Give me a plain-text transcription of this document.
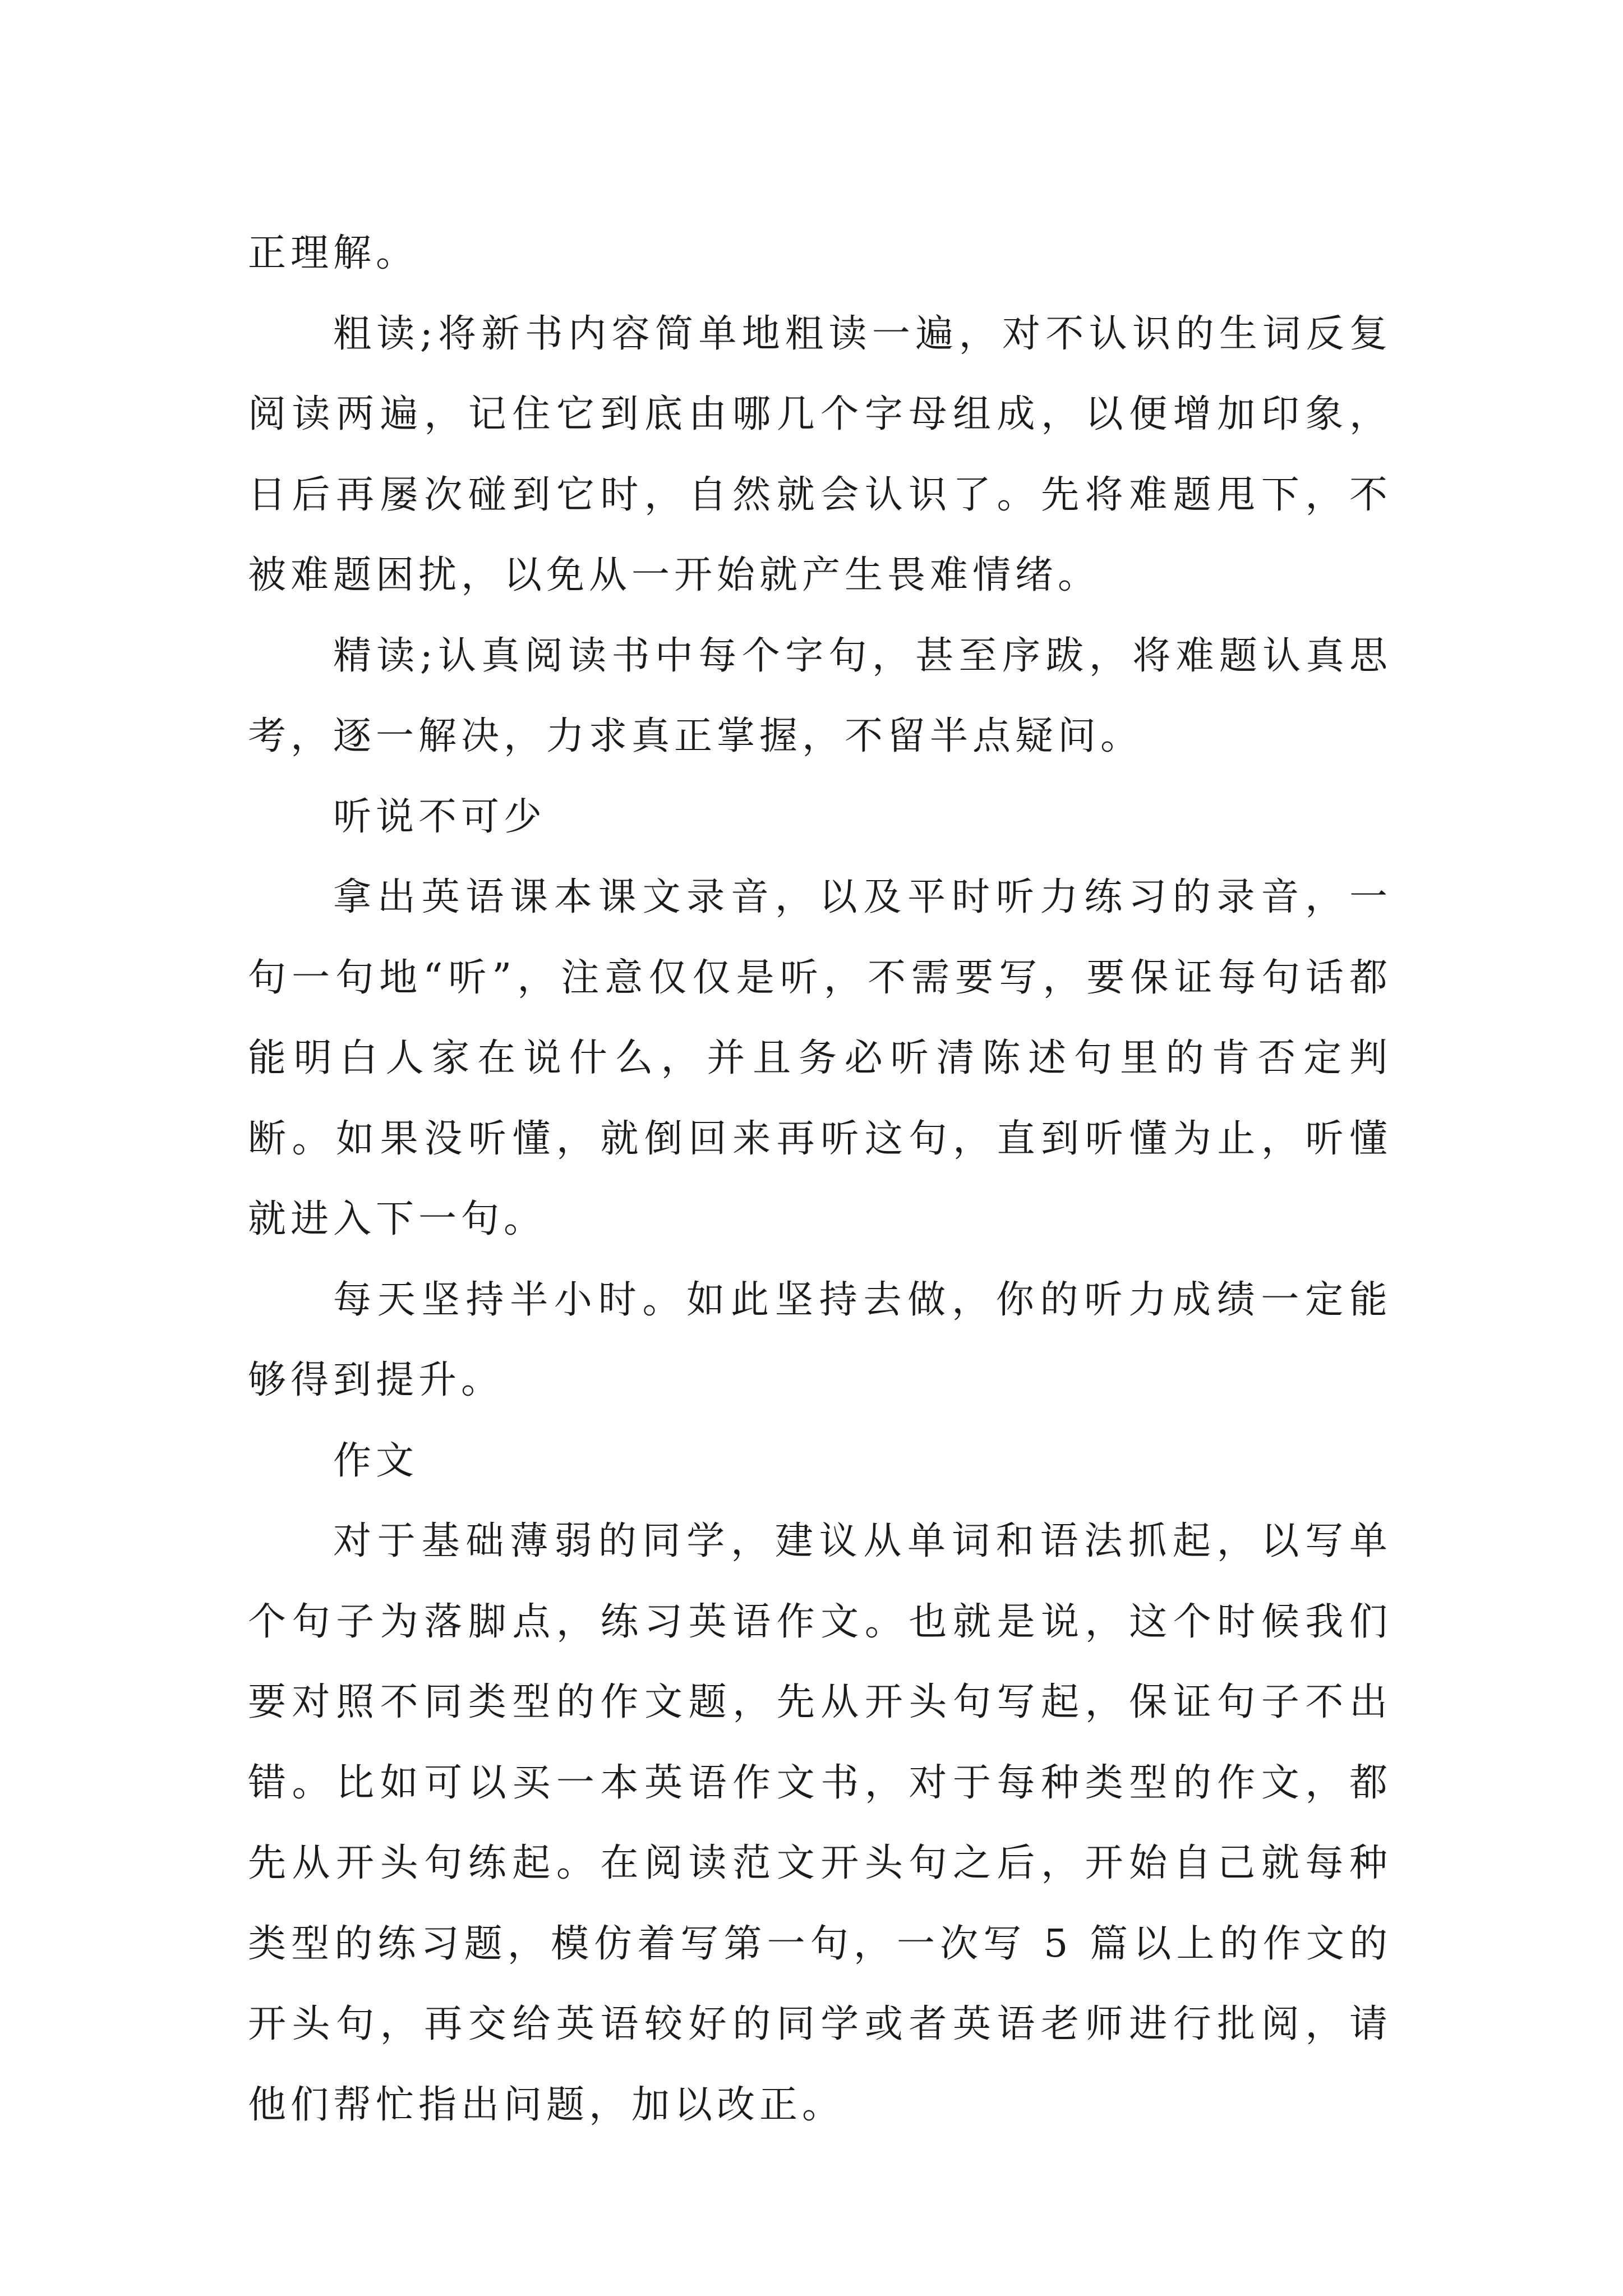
正理解。

粗读;将新书内容简单地粗读一遍，对不认识的生词反复阅读两遍，记住它到底由哪几个字母组成，以便增加印象，日后再屡次碰到它时，自然就会认识了。先将难题甩下，不被难题困扰，以免从一开始就产生畏难情绪。

精读;认真阅读书中每个字句，甚至序跋，将难题认真思考，逐一解决，力求真正掌握，不留半点疑问。

听说不可少

拿出英语课本课文录音，以及平时听力练习的录音，一句一句地“听”，注意仅仅是听，不需要写，要保证每句话都能明白人家在说什么，并且务必听清陈述句里的肯否定判断。如果没听懂，就倒回来再听这句，直到听懂为止，听懂就进入下一句。

每天坚持半小时。如此坚持去做，你的听力成绩一定能够得到提升。

作文

对于基础薄弱的同学，建议从单词和语法抓起，以写单个句子为落脚点，练习英语作文。也就是说，这个时候我们要对照不同类型的作文题，先从开头句写起，保证句子不出错。比如可以买一本英语作文书，对于每种类型的作文，都先从开头句练起。在阅读范文开头句之后，开始自己就每种类型的练习题，模仿着写第一句，一次写 5 篇以上的作文的开头句，再交给英语较好的同学或者英语老师进行批阅，请他们帮忙指出问题，加以改正。
